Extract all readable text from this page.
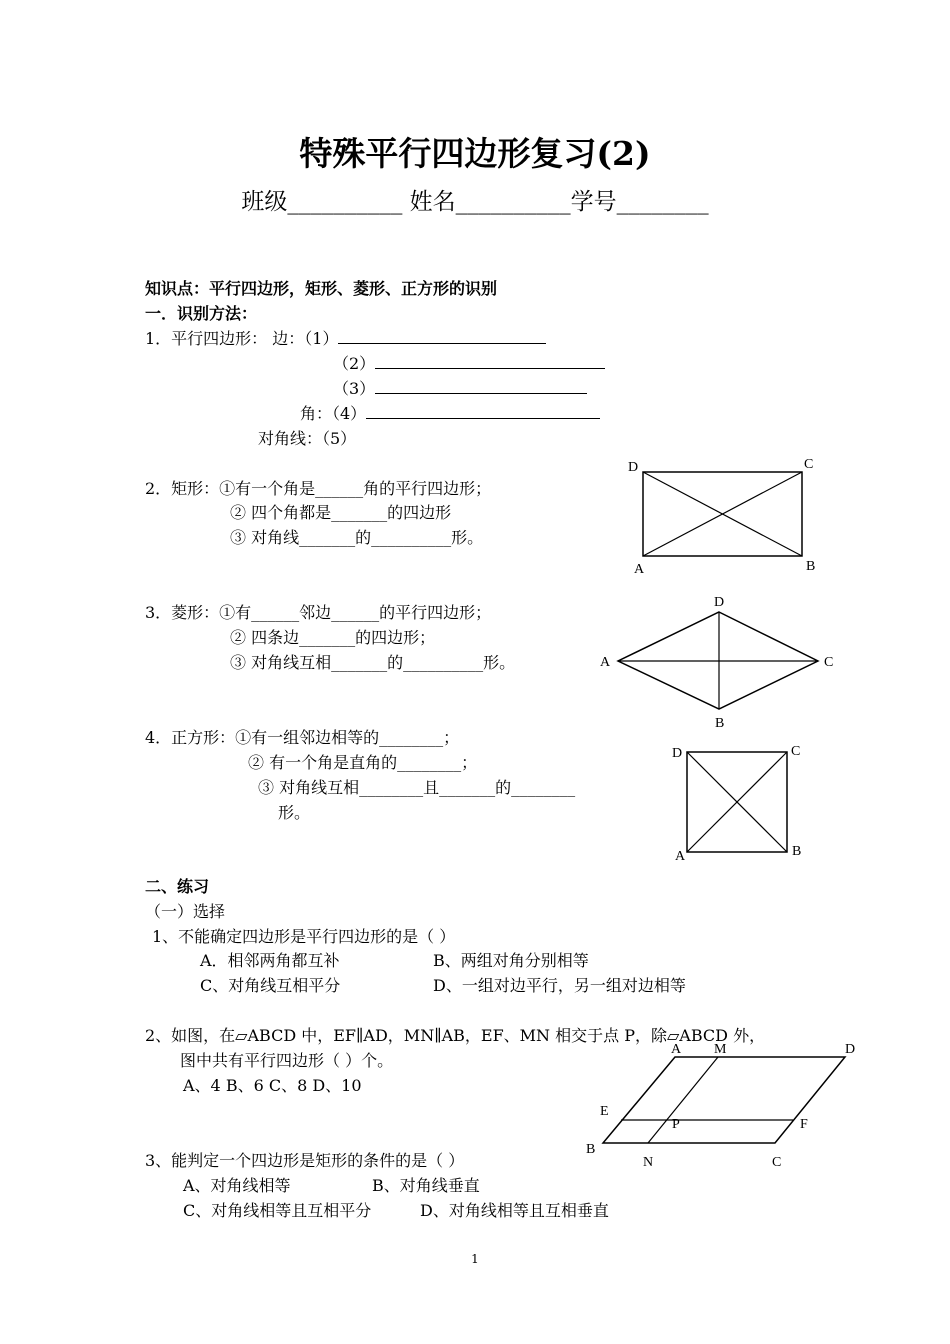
特殊平行四边形复习(2)
班级__________ 姓名__________学号________
知识点：平行四边形，矩形、菱形、正方形的识别
一．识别方法：
1．平行四边形： 边：（1）
（2）
（3）
角：（4）
对角线：（5）
2．矩形：①有一个角是______角的平行四边形；
② 四个角都是_______的四边形
③ 对角线_______的__________形。
D	C
A	B
3．菱形：①有______邻边______的平行四边形；
② 四条边_______的四边形；
③ 对角线互相_______的__________形。
D
A	C
B
4．正方形：①有一组邻边相等的________；
② 有一个角是直角的________；
③ 对角线互相________且_______的________
形。
D	C
A	B
二、练习
（一）选择
1、不能确定四边形是平行四边形的是（ ）
A．相邻两角都互补	B、两组对角分别相等
C、对角线互相平分	D、一组对边平行，另一组对边相等
2、如图，在▱ABCD 中，EF∥AD，MN∥AB，EF、MN 相交于点 P，除▱ABCD 外，
图中共有平行四边形（ ）个。
A、4 B、6 C、8 D、10
A M	D
E
P	F
B
N	C
3、能判定一个四边形是矩形的条件的是（ ）
A、对角线相等	B、对角线垂直
C、对角线相等且互相平分	D、对角线相等且互相垂直
1
